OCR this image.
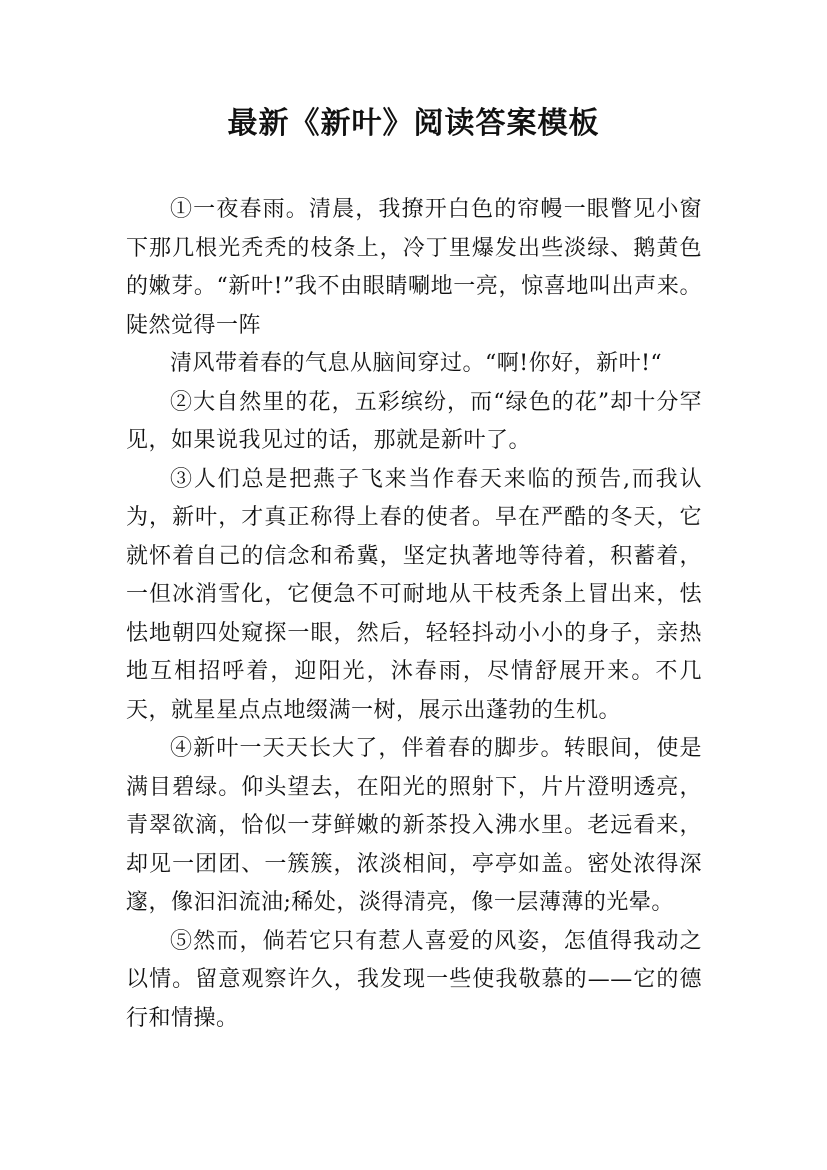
最新《新叶》阅读答案模板

①一夜春雨。清晨，我撩开白色的帘幔一眼瞥见小窗下那几根光秃秃的枝条上，冷丁里爆发出些淡绿、鹅黄色的嫩芽。“新叶!”我不由眼睛唰地一亮，惊喜地叫出声来。陡然觉得一阵

清风带着春的气息从脑间穿过。“啊!你好，新叶!“

②大自然里的花，五彩缤纷，而“绿色的花”却十分罕见，如果说我见过的话，那就是新叶了。

③人们总是把燕子飞来当作春天来临的预告,而我认为，新叶，才真正称得上春的使者。早在严酷的冬天，它就怀着自己的信念和希冀，坚定执著地等待着，积蓄着，一但冰消雪化，它便急不可耐地从干枝秃条上冒出来，怯怯地朝四处窥探一眼，然后，轻轻抖动小小的身子，亲热地互相招呼着，迎阳光，沐春雨，尽情舒展开来。不几天，就星星点点地缀满一树，展示出蓬勃的生机。

④新叶一天天长大了，伴着春的脚步。转眼间，使是满目碧绿。仰头望去，在阳光的照射下，片片澄明透亮，青翠欲滴，恰似一芽鲜嫩的新茶投入沸水里。老远看来，却见一团团、一簇簇，浓淡相间，亭亭如盖。密处浓得深邃，像汩汩流油;稀处，淡得清亮，像一层薄薄的光晕。

⑤然而，倘若它只有惹人喜爱的风姿，怎值得我动之以情。留意观察许久，我发现一些使我敬慕的——它的德行和情操。
